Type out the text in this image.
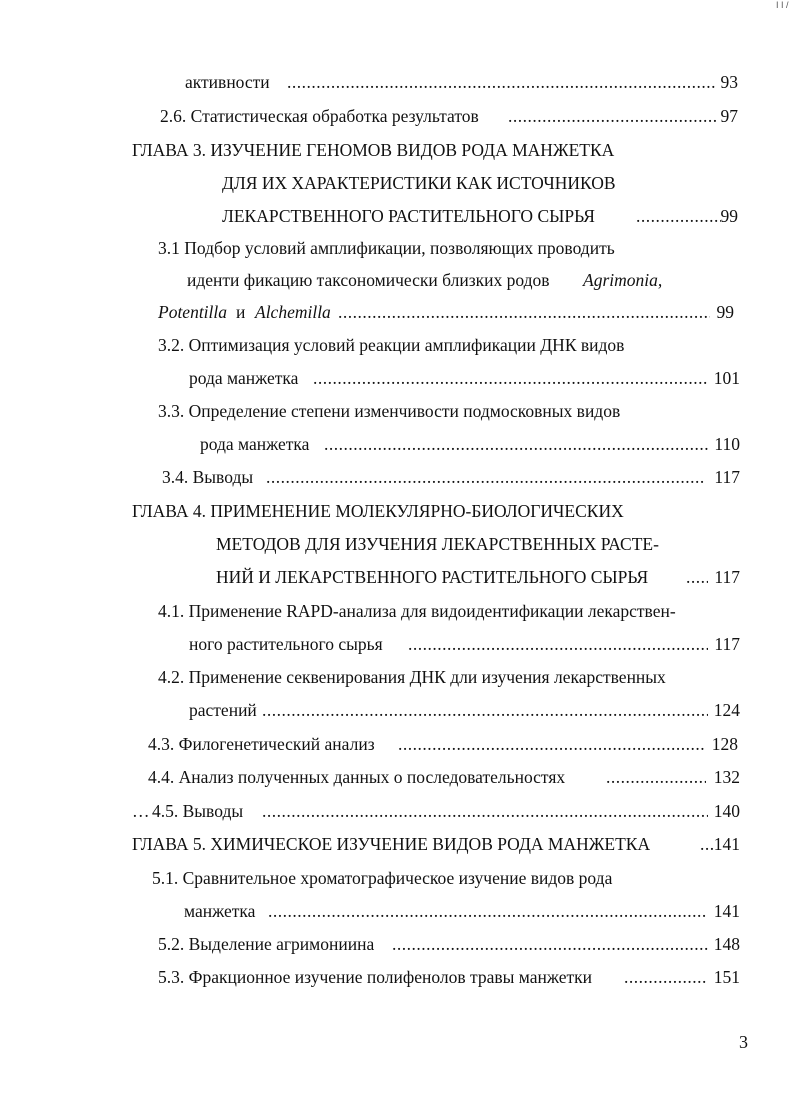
I I /
активности .....	93
2.6. Статистическая обработка результатов .....	97
ГЛАВА 3. ИЗУЧЕНИЕ ГЕНОМОВ ВИДОВ РОДА МАНЖЕТКА
ДЛЯ ИХ ХАРАКТЕРИСТИКИ КАК ИСТОЧНИКОВ
ЛЕКАРСТВЕННОГО РАСТИТЕЛЬНОГО СЫРЬЯ .....	99
3.1 Подбор условий амплификации, позволяющих проводить
иденти фикацию таксономически близких родов Agrimonia,
Potentilla и Alchemilla .....	99
3.2. Оптимизация условий реакции амплификации ДНК видов
рода манжетка .....	101
3.3. Определение степени изменчивости подмосковных видов
рода манжетка .....	110
3.4. Выводы .....	117
ГЛАВА 4. ПРИМЕНЕНИЕ МОЛЕКУЛЯРНО-БИОЛОГИЧЕСКИХ
МЕТОДОВ ДЛЯ ИЗУЧЕНИЯ ЛЕКАРСТВЕННЫХ РАСТЕ-
НИЙ И ЛЕКАРСТВЕННОГО РАСТИТЕЛЬНОГО СЫРЬЯ .....	117
4.1. Применение RAPD-анализа для видоидентификации лекарствен-
ного растительного сырья .....	117
4.2. Применение секвенирования ДНК дли изучения лекарственных
растений .....	124
4.3. Филогенетический анализ .....	128
4.4. Анализ полученных данных о последовательностях .....	132
… 4.5. Выводы .....	140
ГЛАВА 5. ХИМИЧЕСКОЕ ИЗУЧЕНИЕ ВИДОВ РОДА МАНЖЕТКА .....	141
5.1. Сравнительное хроматографическое изучение видов рода
манжетка .....	141
5.2. Выделение агримониина .....	148
5.3. Фракционное изучение полифенолов травы манжетки .....	151
3
